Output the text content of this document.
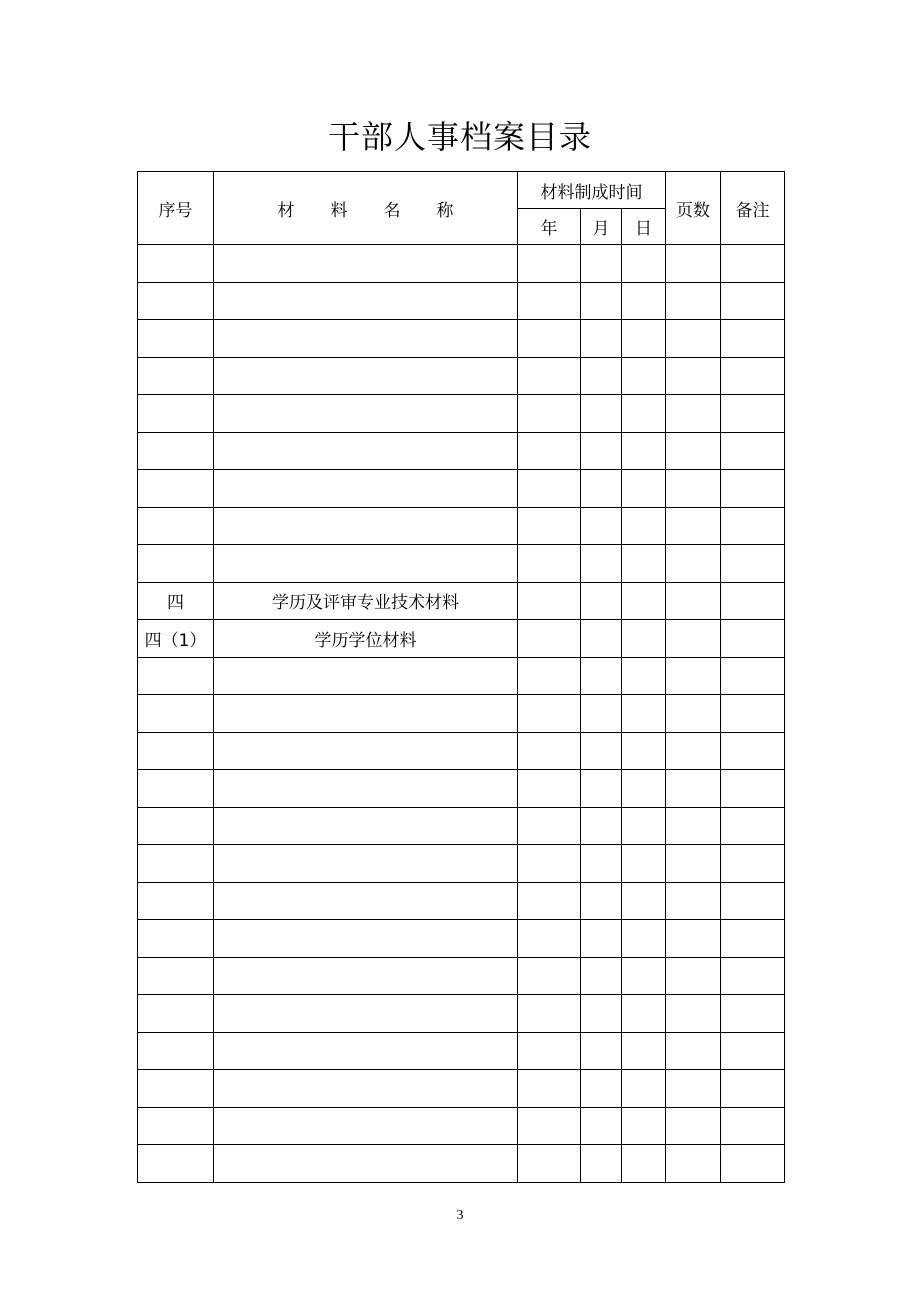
干部人事档案目录
序号	材 料 名 称	材料制成时间			页数	备注
		年	月	日		

四	学历及评审专业技术材料					
四（1）	学历学位材料					

3
